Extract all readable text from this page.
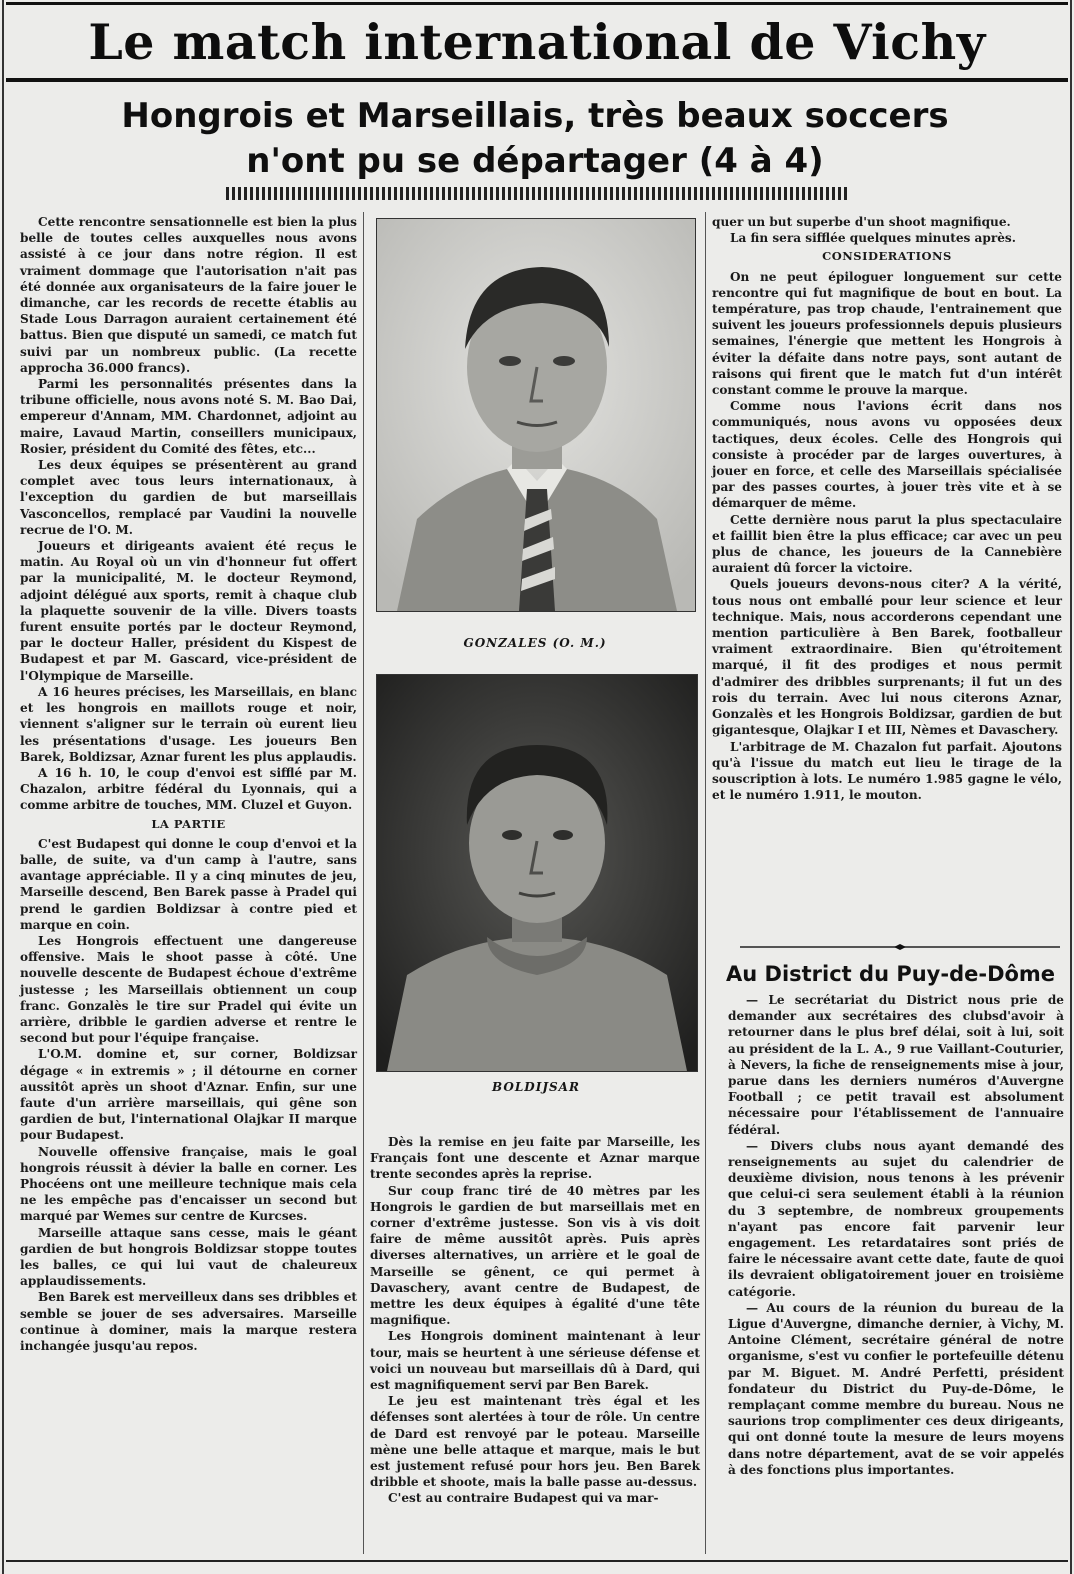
Le match international de Vichy
Hongrois et Marseillais, très beaux soccers
n'ont pu se départager (4 à 4)

Cette rencontre sensationnelle est bien la plus belle de toutes celles auxquelles nous avons assisté à ce jour dans notre région. Il est vraiment dommage que l'autorisation n'ait pas été donnée aux organisateurs de la faire jouer le dimanche, car les records de recette établis au Stade Lous Darragon auraient certainement été battus. Bien que disputé un samedi, ce match fut suivi par un nombreux public. (La recette approcha 36.000 francs).

Parmi les personnalités présentes dans la tribune officielle, nous avons noté S. M. Bao Dai, empereur d'Annam, MM. Chardonnet, adjoint au maire, Lavaud Martin, conseillers municipaux, Rosier, président du Comité des fêtes, etc...

Les deux équipes se présentèrent au grand complet avec tous leurs internationaux, à l'exception du gardien de but marseillais Vasconcellos, remplacé par Vaudini la nouvelle recrue de l'O. M.

Joueurs et dirigeants avaient été reçus le matin. Au Royal où un vin d'honneur fut offert par la municipalité, M. le docteur Reymond, adjoint délégué aux sports, remit à chaque club la plaquette souvenir de la ville. Divers toasts furent ensuite portés par le docteur Reymond, par le docteur Haller, président du Kispest de Budapest et par M. Gascard, vice-président de l'Olympique de Marseille.

A 16 heures précises, les Marseillais, en blanc et les hongrois en maillots rouge et noir, viennent s'aligner sur le terrain où eurent lieu les présentations d'usage. Les joueurs Ben Barek, Boldizsar, Aznar furent les plus applaudis.

A 16 h. 10, le coup d'envoi est sifflé par M. Chazalon, arbitre fédéral du Lyonnais, qui a comme arbitre de touches, MM. Cluzel et Guyon.

LA PARTIE

C'est Budapest qui donne le coup d'envoi et la balle, de suite, va d'un camp à l'autre, sans avantage appréciable. Il y a cinq minutes de jeu, Marseille descend, Ben Barek passe à Pradel qui prend le gardien Boldizsar à contre pied et marque en coin.

Les Hongrois effectuent une dangereuse offensive. Mais le shoot passe à côté. Une nouvelle descente de Budapest échoue d'extrême justesse ; les Marseillais obtiennent un coup franc. Gonzalès le tire sur Pradel qui évite un arrière, dribble le gardien adverse et rentre le second but pour l'équipe française.

L'O.M. domine et, sur corner, Boldizsar dégage « in extremis » ; il détourne en corner aussitôt après un shoot d'Aznar. Enfin, sur une faute d'un arrière marseillais, qui gêne son gardien de but, l'international Olajkar II marque pour Budapest.

Nouvelle offensive française, mais le goal hongrois réussit à dévier la balle en corner. Les Phocéens ont une meilleure technique mais cela ne les empêche pas d'encaisser un second but marqué par Wemes sur centre de Kurcses.

Marseille attaque sans cesse, mais le géant gardien de but hongrois Boldizsar stoppe toutes les balles, ce qui lui vaut de chaleureux applaudissements.

Ben Barek est merveilleux dans ses dribbles et semble se jouer de ses adversaires. Marseille continue à dominer, mais la marque restera inchangée jusqu'au repos.

GONZALES (O. M.)
BOLDIJSAR

Dès la remise en jeu faite par Marseille, les Français font une descente et Aznar marque trente secondes après la reprise.

Sur coup franc tiré de 40 mètres par les Hongrois le gardien de but marseillais met en corner d'extrême justesse. Son vis à vis doit faire de même aussitôt après. Puis après diverses alternatives, un arrière et le goal de Marseille se gênent, ce qui permet à Davaschery, avant centre de Budapest, de mettre les deux équipes à égalité d'une tête magnifique.

Les Hongrois dominent maintenant à leur tour, mais se heurtent à une sérieuse défense et voici un nouveau but marseillais dû à Dard, qui est magnifiquement servi par Ben Barek.

Le jeu est maintenant très égal et les défenses sont alertées à tour de rôle. Un centre de Dard est renvoyé par le poteau. Marseille mène une belle attaque et marque, mais le but est justement refusé pour hors jeu. Ben Barek dribble et shoote, mais la balle passe au-dessus.

C'est au contraire Budapest qui va mar-

quer un but superbe d'un shoot magnifique.

La fin sera sifflée quelques minutes après.

CONSIDERATIONS

On ne peut épiloguer longuement sur cette rencontre qui fut magnifique de bout en bout. La température, pas trop chaude, l'entrainement que suivent les joueurs professionnels depuis plusieurs semaines, l'énergie que mettent les Hongrois à éviter la défaite dans notre pays, sont autant de raisons qui firent que le match fut d'un intérêt constant comme le prouve la marque.

Comme nous l'avions écrit dans nos communiqués, nous avons vu opposées deux tactiques, deux écoles. Celle des Hongrois qui consiste à procéder par de larges ouvertures, à jouer en force, et celle des Marseillais spécialisée par des passes courtes, à jouer très vite et à se démarquer de même.

Cette dernière nous parut la plus spectaculaire et faillit bien être la plus efficace; car avec un peu plus de chance, les joueurs de la Cannebière auraient dû forcer la victoire.

Quels joueurs devons-nous citer? A la vérité, tous nous ont emballé pour leur science et leur technique. Mais, nous accorderons cependant une mention particulière à Ben Barek, footballeur vraiment extraordinaire. Bien qu'étroitement marqué, il fit des prodiges et nous permit d'admirer des dribbles surprenants; il fut un des rois du terrain. Avec lui nous citerons Aznar, Gonzalès et les Hongrois Boldizsar, gardien de but gigantesque, Olajkar I et III, Nèmes et Davaschery.

L'arbitrage de M. Chazalon fut parfait. Ajoutons qu'à l'issue du match eut lieu le tirage de la souscription à lots. Le numéro 1.985 gagne le vélo, et le numéro 1.911, le mouton.

Au District du Puy-de-Dôme

— Le secrétariat du District nous prie de demander aux secrétaires des clubsd'avoir à retourner dans le plus bref délai, soit à lui, soit au président de la L. A., 9 rue Vaillant-Couturier, à Nevers, la fiche de renseignements mise à jour, parue dans les derniers numéros d'Auvergne Football ; ce petit travail est absolument nécessaire pour l'établissement de l'annuaire fédéral.

— Divers clubs nous ayant demandé des renseignements au sujet du calendrier de deuxième division, nous tenons à les prévenir que celui-ci sera seulement établi à la réunion du 3 septembre, de nombreux groupements n'ayant pas encore fait parvenir leur engagement. Les retardataires sont priés de faire le nécessaire avant cette date, faute de quoi ils devraient obligatoirement jouer en troisième catégorie.

— Au cours de la réunion du bureau de la Ligue d'Auvergne, dimanche dernier, à Vichy, M. Antoine Clément, secrétaire général de notre organisme, s'est vu confier le portefeuille détenu par M. Biguet. M. André Perfetti, président fondateur du District du Puy-de-Dôme, le remplaçant comme membre du bureau. Nous ne saurions trop complimenter ces deux dirigeants, qui ont donné toute la mesure de leurs moyens dans notre département, avat de se voir appelés à des fonctions plus importantes.
